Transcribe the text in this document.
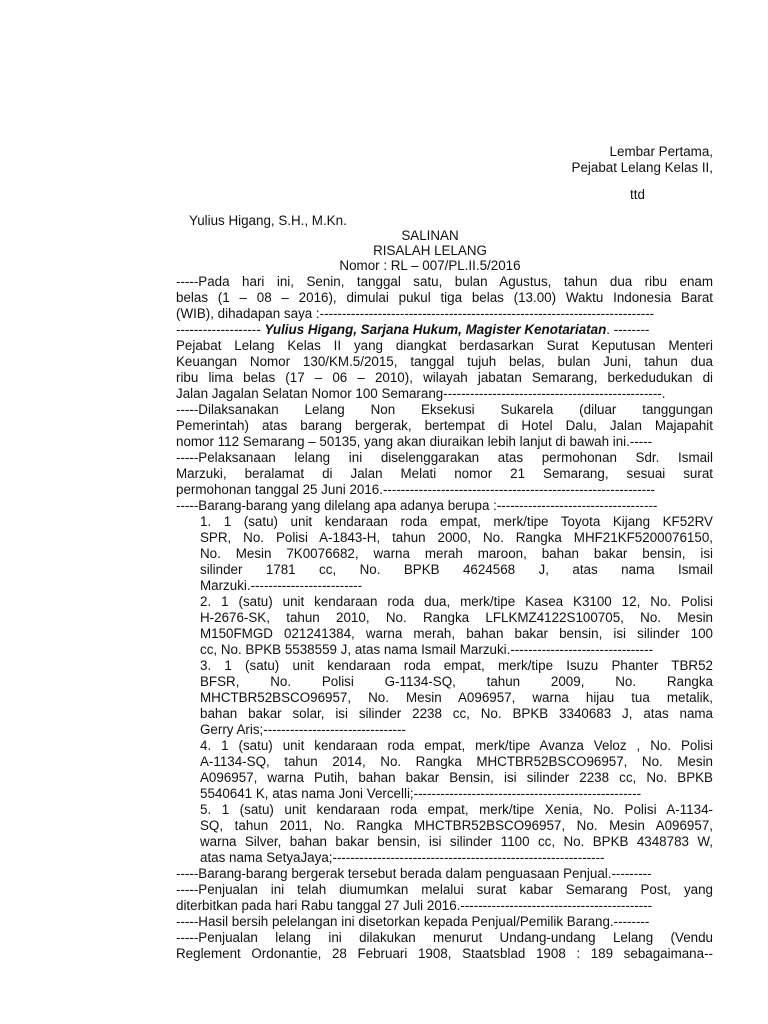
Lembar Pertama,
Pejabat Lelang Kelas II,
ttd
Yulius Higang, S.H., M.Kn.
SALINAN
RISALAH LELANG
Nomor : RL – 007/PL.II.5/2016
-----Pada hari ini, Senin, tanggal satu, bulan Agustus, tahun dua ribu enam
belas (1 – 08 – 2016), dimulai pukul tiga belas (13.00) Waktu Indonesia Barat
(WIB), dihadapan saya :---------------------------------------------------------------------------
------------------- Yulius Higang, Sarjana Hukum, Magister Kenotariatan. --------
Pejabat Lelang Kelas II yang diangkat berdasarkan Surat Keputusan Menteri
Keuangan Nomor 130/KM.5/2015, tanggal tujuh belas, bulan Juni, tahun dua
ribu lima belas (17 – 06 – 2010), wilayah jabatan Semarang, berkedudukan di
Jalan Jagalan Selatan Nomor 100 Semarang-------------------------------------------------.
-----Dilaksanakan Lelang Non Eksekusi Sukarela (diluar tanggungan
Pemerintah) atas barang bergerak, bertempat di Hotel Dalu, Jalan Majapahit
nomor 112 Semarang – 50135, yang akan diuraikan lebih lanjut di bawah ini.-----
-----Pelaksanaan lelang ini diselenggarakan atas permohonan Sdr. Ismail
Marzuki, beralamat di Jalan Melati nomor 21 Semarang, sesuai surat
permohonan tanggal 25 Juni 2016.-------------------------------------------------------------
-----Barang-barang yang dilelang apa adanya berupa :------------------------------------
1. 1 (satu) unit kendaraan roda empat, merk/tipe Toyota Kijang KF52RV
SPR, No. Polisi A-1843-H, tahun 2000, No. Rangka MHF21KF5200076150,
No. Mesin 7K0076682, warna merah maroon, bahan bakar bensin, isi
silinder 1781 cc, No. BPKB 4624568 J, atas nama Ismail
Marzuki.-------------------------
2. 1 (satu) unit kendaraan roda dua, merk/tipe Kasea K3100 12, No. Polisi
H-2676-SK, tahun 2010, No. Rangka LFLKMZ4122S100705, No. Mesin
M150FMGD 021241384, warna merah, bahan bakar bensin, isi silinder 100
cc, No. BPKB 5538559 J, atas nama Ismail Marzuki.--------------------------------
3. 1 (satu) unit kendaraan roda empat, merk/tipe Isuzu Phanter TBR52
BFSR, No. Polisi G-1134-SQ, tahun 2009, No. Rangka
MHCTBR52BSCO96957, No. Mesin A096957, warna hijau tua metalik,
bahan bakar solar, isi silinder 2238 cc, No. BPKB 3340683 J, atas nama
Gerry Aris;--------------------------------
4. 1 (satu) unit kendaraan roda empat, merk/tipe Avanza Veloz , No. Polisi
A-1134-SQ, tahun 2014, No. Rangka MHCTBR52BSCO96957, No. Mesin
A096957, warna Putih, bahan bakar Bensin, isi silinder 2238 cc, No. BPKB
5540641 K, atas nama Joni Vercelli;---------------------------------------------------
5. 1 (satu) unit kendaraan roda empat, merk/tipe Xenia, No. Polisi A-1134-
SQ, tahun 2011, No. Rangka MHCTBR52BSCO96957, No. Mesin A096957,
warna Silver, bahan bakar bensin, isi silinder 1100 cc, No. BPKB 4348783 W,
atas nama SetyaJaya;-------------------------------------------------------------
-----Barang-barang bergerak tersebut berada dalam penguasaan Penjual.---------
-----Penjualan ini telah diumumkan melalui surat kabar Semarang Post, yang
diterbitkan pada hari Rabu tanggal 27 Juli 2016.-------------------------------------------
-----Hasil bersih pelelangan ini disetorkan kepada Penjual/Pemilik Barang.--------
-----Penjualan lelang ini dilakukan menurut Undang-undang Lelang (Vendu
Reglement Ordonantie, 28 Februari 1908, Staatsblad 1908 : 189 sebagaimana--
